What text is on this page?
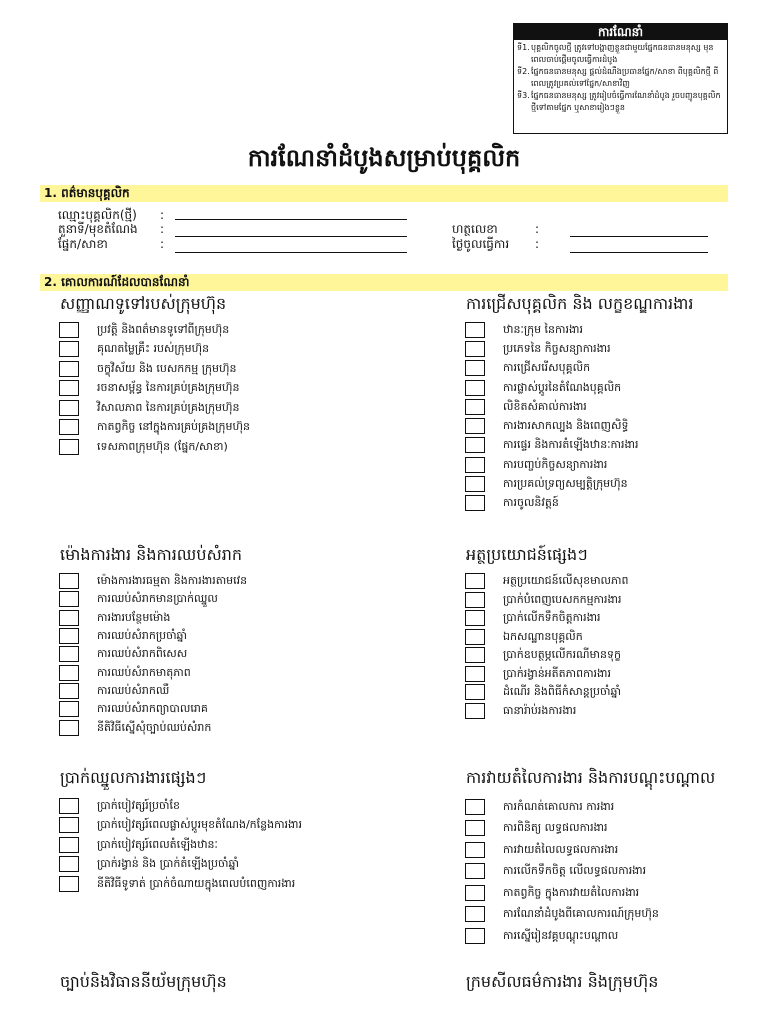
ការណែនាំ
ទី1. បុគ្គលិកចូលថ្មី ត្រូវទៅបង្ហាញខ្លួនជាមួយផ្នែកធនធានមនុស្ស មុនពេលចាប់ផ្តើមចូលធ្វើការដំបូង
ទី2. ផ្នែកធនធានមនុស្ស ផ្តល់ដំណឹងប្រធានផ្នែក/សាខា ពីបុគ្គលិកថ្មី ពីពេលត្រូវប្រគល់ទៅផ្នែក/សាខាវិញ
ទី3. ផ្នែកធនធានមនុស្ស ត្រូវរៀបចំធ្វើការណែនាំដំបូង រួចបញ្ជូនបុគ្គលិកថ្មីទៅតាមផ្នែក ឬសាខារៀងៗខ្លួន
ការណែនាំដំបូងសម្រាប់បុគ្គលិក
1. ពត៌មានបុគ្គលិក
ឈ្មោះបុគ្គលិក(ថ្មី) :
តួនាទី/មុខតំណែង :
ផ្នែក/សាខា	:
ហត្ថលេខា	:
ថ្ងៃចូលធ្វើការ :
2. គោលការណ៍ដែលបានណែនាំ
សញ្ញាណទូទៅរបស់ក្រុមហ៊ុន
ប្រវត្តិ និងពត៌មានទូទៅពីក្រុមហ៊ុន
គុណតម្លៃគ្រឹះ របស់ក្រុមហ៊ុន
ចក្ខុវិស័យ និង បេសកកម្ម ក្រុមហ៊ុន
រចនាសម្ព័ន្ធ នៃការគ្រប់គ្រងក្រុមហ៊ុន
វិសាលភាព នៃការគ្រប់គ្រងក្រុមហ៊ុន
កាតព្វកិច្ច នៅក្នុងការគ្រប់គ្រងក្រុមហ៊ុន
ទេសភាពក្រុមហ៊ុន (ផ្នែក/សាខា)
ការជ្រើសបុគ្គលិក និង លក្ខខណ្ឌការងារ
ឋានៈក្រុម នៃការងារ
ប្រភេទនៃ កិច្ចសន្យាការងារ
ការជ្រើសរើសបុគ្គលិក
ការផ្លាស់ប្តូរនៃតំណែងបុគ្គលិក
លិខិតសំគាល់ការងារ
ការងារសាកល្បង និងពេញសិទ្ធិ
ការផ្ទេរ និងការតំឡើងឋានៈការងារ
ការបញ្ចប់កិច្ចសន្យាការងារ
ការប្រគល់ទ្រព្យសម្បត្តិក្រុមហ៊ុន
ការចូលនិវត្តន៍
ម៉ោងការងារ និងការឈប់សំរាក
ម៉ោងការងារធម្មតា និងការងារតាមវេន
ការឈប់សំរាកមានប្រាក់ឈ្នួល
ការងារបន្ថែមម៉ោង
ការឈប់សំរាកប្រចាំឆ្នាំ
ការឈប់សំរាកពិសេស
ការឈប់សំរាកមាតុភាព
ការឈប់សំរាកឈឺ
ការឈប់សំរាកព្យាបាលរោគ
នីតិវិធីស្នើសុំច្បាប់ឈប់សំរាក
អត្ថប្រយោជន៍ផ្សេងៗ
អត្ថប្រយោជន៍លើសុខមាលភាព
ប្រាក់បំពេញបេសកកម្មការងារ
ប្រាក់លើកទឹកចិត្តការងារ
ឯកសណ្ឋានបុគ្គលិក
ប្រាក់ឧបត្ថម្ភលើករណីមានទុក្ខ
ប្រាក់រង្វាន់អតីតភាពការងារ
ដំណើរ និងពិធីកំសាន្តប្រចាំឆ្នាំ
ធានារ៉ាប់រងការងារ
ប្រាក់ឈ្នួលការងារផ្សេងៗ
ប្រាក់បៀវត្សរ៍ប្រចាំខែ
ប្រាក់បៀវត្សរ៍ពេលផ្លាស់ប្តូរមុខតំណែង/កន្លែងការងារ
ប្រាក់បៀវត្សរ៍ពេលតំឡើងឋានៈ
ប្រាក់រង្វាន់ និង ប្រាក់តំឡើងប្រចាំឆ្នាំ
នីតិវិធីទូទាត់ ប្រាក់ចំណាយក្នុងពេលបំពេញការងារ
ការវាយតំលៃការងារ និងការបណ្តុះបណ្តាល
ការកំណត់គោលការ ការងារ
ការពិនិត្យ លទ្ធផលការងារ
ការវាយតំលៃលទ្ធផលការងារ
ការលើកទឹកចិត្ត លើលទ្ធផលការងារ
កាតព្វកិច្ច ក្នុងការវាយតំលៃការងារ
ការណែនាំដំបូងពីគោលការណ៍ក្រុមហ៊ុន
ការស្នើរៀនវគ្គបណ្តុះបណ្តាល
ច្បាប់និងវិធាននីយ័មក្រុមហ៊ុន	ក្រមសីលធម៌ការងារ និងក្រុមហ៊ុន
